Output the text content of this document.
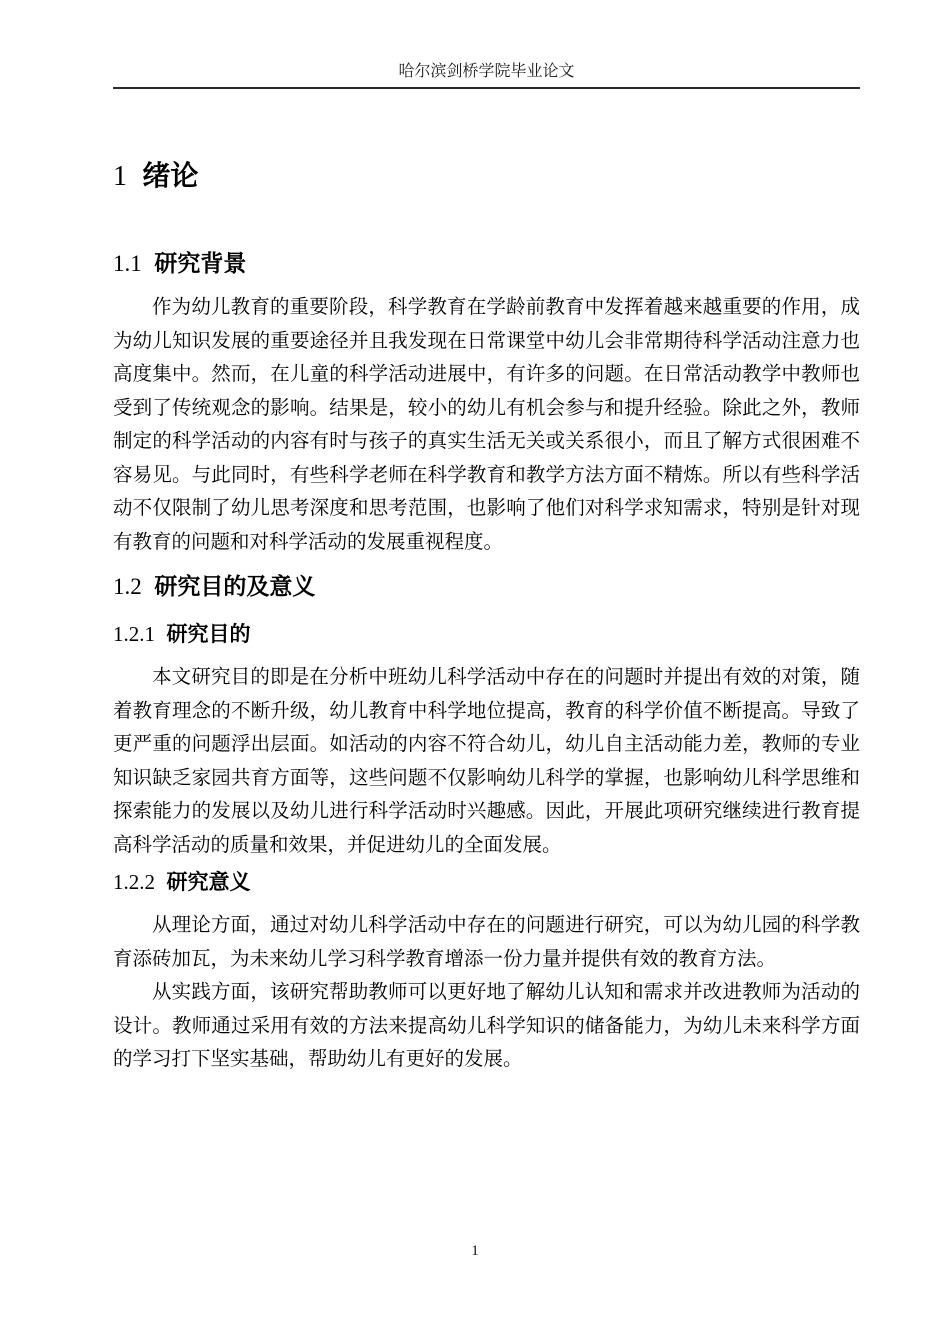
哈尔滨剑桥学院毕业论文
1 绪论
1.1 研究背景

作为幼儿教育的重要阶段，科学教育在学龄前教育中发挥着越来越重要的作用，成为幼儿知识发展的重要途径并且我发现在日常课堂中幼儿会非常期待科学活动注意力也高度集中。然而，在儿童的科学活动进展中，有许多的问题。在日常活动教学中教师也受到了传统观念的影响。结果是，较小的幼儿有机会参与和提升经验。除此之外，教师制定的科学活动的内容有时与孩子的真实生活无关或关系很小，而且了解方式很困难不容易见。与此同时，有些科学老师在科学教育和教学方法方面不精炼。所以有些科学活动不仅限制了幼儿思考深度和思考范围，也影响了他们对科学求知需求，特别是针对现有教育的问题和对科学活动的发展重视程度。

1.2 研究目的及意义
1.2.1 研究目的

本文研究目的即是在分析中班幼儿科学活动中存在的问题时并提出有效的对策，随着教育理念的不断升级，幼儿教育中科学地位提高，教育的科学价值不断提高。导致了更严重的问题浮出层面。如活动的内容不符合幼儿，幼儿自主活动能力差，教师的专业知识缺乏家园共育方面等，这些问题不仅影响幼儿科学的掌握，也影响幼儿科学思维和探索能力的发展以及幼儿进行科学活动时兴趣感。因此，开展此项研究继续进行教育提高科学活动的质量和效果，并促进幼儿的全面发展。

1.2.2 研究意义

从理论方面，通过对幼儿科学活动中存在的问题进行研究，可以为幼儿园的科学教育添砖加瓦，为未来幼儿学习科学教育增添一份力量并提供有效的教育方法。

从实践方面，该研究帮助教师可以更好地了解幼儿认知和需求并改进教师为活动的设计。教师通过采用有效的方法来提高幼儿科学知识的储备能力，为幼儿未来科学方面的学习打下坚实基础，帮助幼儿有更好的发展。

1
